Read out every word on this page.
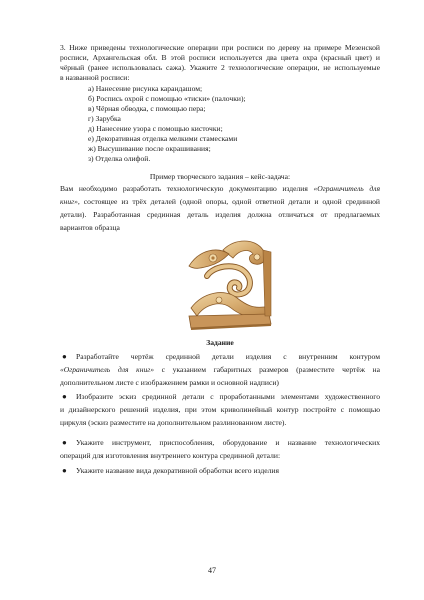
3. Ниже приведены технологические операции при росписи по дереву на примере Мезенской
росписи, Архангельская обл. В этой росписи используется два цвета охра (красный цвет) и
чёрный (ранее использовалась сажа). Укажите 2 технологические операции, не используемые
в названной росписи:
а) Нанесение рисунка карандашом;
б) Роспись охрой с помощью «тиски» (палочки);
в) Чёрная обводка, с помощью пера;
г) Зарубка
д) Нанесение узора с помощью кисточки;
е) Декоративная отделка мелкими стамесками
ж) Высушивание после окрашивания;
з) Отделка олифой.
Пример творческого задания – кейс-задача:
Вам необходимо разработать технологическую документацию изделия «Ограничитель для
книг», состоящее из трёх деталей (одной опоры, одной ответной детали и одной срединной
детали). Разработанная срединная деталь изделия должна отличаться от предлагаемых
вариантов образца
Задание
● Разработайте чертёж срединной детали изделия с внутренним контуром
«Ограничитель для книг» с указанием габаритных размеров (разместите чертёж на
дополнительном листе с изображением рамки и основной надписи)
● Изобразите эскиз срединной детали с проработанными элементами художественного
и дизайнерского решений изделия, при этом криволинейный контур постройте с помощью
циркуля (эскиз разместите на дополнительном разлинованном листе).
● Укажите инструмент, приспособления, оборудование и название технологических
операций для изготовления внутреннего контура срединной детали:
● Укажите название вида декоративной обработки всего изделия
47
